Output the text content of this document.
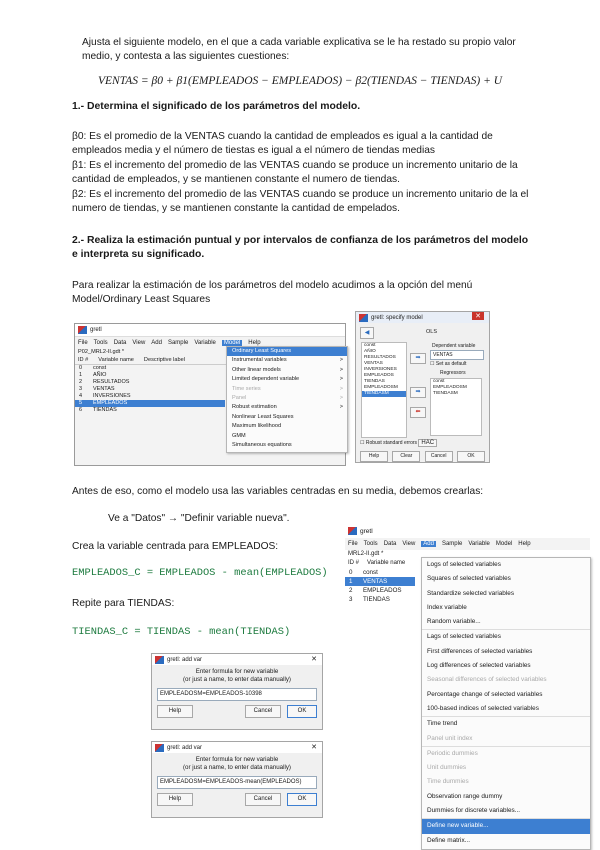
Ajusta el siguiente modelo, en el que a cada variable explicativa se le ha restado su propio valor medio, y contesta a las siguientes cuestiones:
VENTAS = β0 + β1(EMPLEADOS − EMPLEADOS) − β2(TIENDAS − TIENDAS) + U
1.- Determina el significado de los parámetros del modelo.
β0: Es el promedio de la VENTAS cuando la cantidad de empleados es igual a la cantidad de empleados media y el número de tiestas es igual a el número de tiendas medias
β1: Es el incremento del promedio de las VENTAS cuando se produce un incremento unitario de la cantidad de empleados, y se mantienen constante el numero de tiendas.
β2: Es el incremento del promedio de las VENTAS cuando se produce un incremento unitario de la el numero de tiendas, y se mantienen constante la cantidad de empelados.
2.- Realiza la estimación puntual y por intervalos de confianza de los parámetros del modelo e interpreta su significado.
Para realizar la estimación de los parámetros del modelo acudimos a la opción del menú Model/Ordinary Least Squares
gretl
File Tools Data View Add Sample Variable	Model	Help
P02_MRL2-II.gdt *
ID # Variable name Descriptive label
0 const
1 AÑIO
2 RESULTADOS
3 VENTAS
4 INVERSIONES
5 EMPLEADOS
6 TIENDAS
Ordinary Least Squares
Instrumental variables	>
Other linear models	>
Limited dependent variable	>
Time series	>
Panel	>
Robust estimation	>
Nonlinear Least Squares
Maximum likelihood
GMM
Simultaneous equations
gretl: specify model	✕
◀	OLS
const
AÑIO
RESULTADOS
VENTAS
INVERSIONES
EMPLEADOS
TIENDAS
EMPLEADOSM
TIENDASM
➡
Dependent variable
VENTAS
☐ Set as default
Regressors
const
EMPLEADOSM
TIENDASM
➡
⬅
☐ Robust standard errors HAC
Help	Clear	Cancel	OK
Antes de eso, como el modelo usa las variables centradas en su media, debemos crearlas:
Ve a "Datos" → "Definir variable nueva".
Crea la variable centrada para EMPLEADOS:
EMPLEADOS_C = EMPLEADOS - mean(EMPLEADOS)
Repite para TIENDAS:
TIENDAS_C = TIENDAS - mean(TIENDAS)
gretl
File Tools Data View	Add	Sample Variable Model Help
MRL2-II.gdt *
ID # Variable name
0 const
1 VENTAS
2 EMPLEADOS
3 TIENDAS
Logs of selected variables
Squares of selected variables
Standardize selected variables
Index variable
Random variable...
Lags of selected variables
First differences of selected variables
Log differences of selected variables
Seasonal differences of selected variables
Percentage change of selected variables
100-based indices of selected variables
Time trend
Panel unit index
Periodic dummies
Unit dummies
Time dummies
Observation range dummy
Dummies for discrete variables...
Define new variable...
Define matrix...
gretl: add var	✕
Enter formula for new variable
(or just a name, to enter data manually)
EMPLEADOSM=EMPLEADOS-10398
Help	Cancel	OK
gretl: add var	✕
Enter formula for new variable
(or just a name, to enter data manually)
EMPLEADOSM=EMPLEADOS-mean(EMPLEADOS)
Help	Cancel	OK
